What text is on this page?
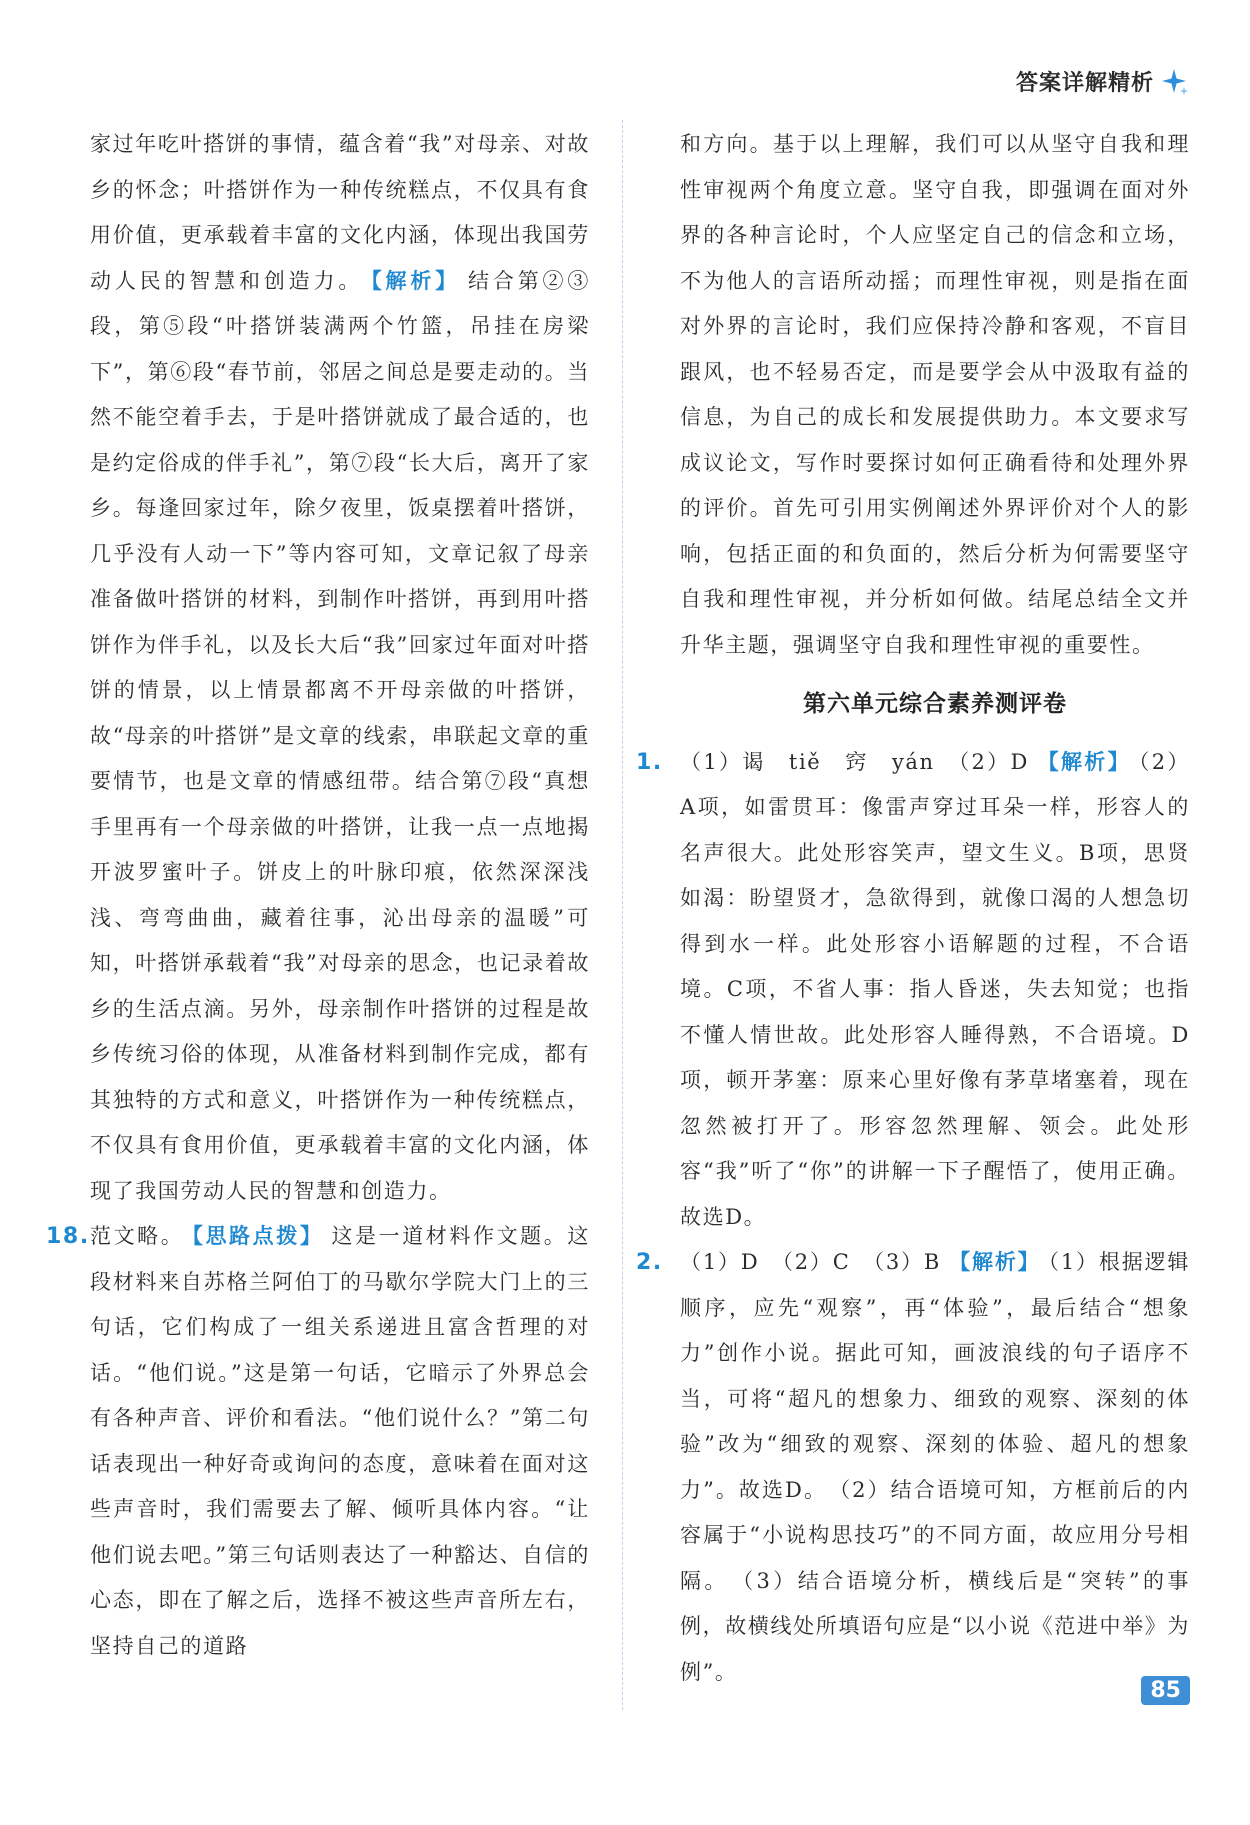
答案详解精析

家过年吃叶搭饼的事情，蕴含着“我”对母亲、对故乡的怀念；叶搭饼作为一种传统糕点，不仅具有食用价值，更承载着丰富的文化内涵，体现出我国劳动人民的智慧和创造力。 【解析】 结合第②③段，第⑤段“叶搭饼装满两个竹篮，吊挂在房梁下”，第⑥段“春节前，邻居之间总是要走动的。当然不能空着手去，于是叶搭饼就成了最合适的，也是约定俗成的伴手礼”，第⑦段“长大后，离开了家乡。每逢回家过年，除夕夜里，饭桌摆着叶搭饼，几乎没有人动一下”等内容可知，文章记叙了母亲准备做叶搭饼的材料，到制作叶搭饼，再到用叶搭饼作为伴手礼，以及长大后“我”回家过年面对叶搭饼的情景，以上情景都离不开母亲做的叶搭饼，故“母亲的叶搭饼”是文章的线索，串联起文章的重要情节，也是文章的情感纽带。结合第⑦段“真想手里再有一个母亲做的叶搭饼，让我一点一点地揭开波罗蜜叶子。饼皮上的叶脉印痕，依然深深浅浅、弯弯曲曲，藏着往事，沁出母亲的温暖”可知，叶搭饼承载着“我”对母亲的思念，也记录着故乡的生活点滴。另外，母亲制作叶搭饼的过程是故乡传统习俗的体现，从准备材料到制作完成，都有其独特的方式和意义，叶搭饼作为一种传统糕点，不仅具有食用价值，更承载着丰富的文化内涵，体现了我国劳动人民的智慧和创造力。

18. 范文略。 【思路点拨】 这是一道材料作文题。这段材料来自苏格兰阿伯丁的马歇尔学院大门上的三句话，它们构成了一组关系递进且富含哲理的对话。“他们说。”这是第一句话，它暗示了外界总会有各种声音、评价和看法。“他们说什么？”第二句话表现出一种好奇或询问的态度，意味着在面对这些声音时，我们需要去了解、倾听具体内容。“让他们说去吧。”第三句话则表达了一种豁达、自信的心态，即在了解之后，选择不被这些声音所左右，坚持自己的道路

和方向。基于以上理解，我们可以从坚守自我和理性审视两个角度立意。坚守自我，即强调在面对外界的各种言论时，个人应坚定自己的信念和立场，不为他人的言语所动摇；而理性审视，则是指在面对外界的言论时，我们应保持冷静和客观，不盲目跟风，也不轻易否定，而是要学会从中汲取有益的信息，为自己的成长和发展提供助力。本文要求写成议论文，写作时要探讨如何正确看待和处理外界的评价。首先可引用实例阐述外界评价对个人的影响，包括正面的和负面的，然后分析为何需要坚守自我和理性审视，并分析如何做。结尾总结全文并升华主题，强调坚守自我和理性审视的重要性。

第六单元综合素养测评卷
1. （1）谒　tiě　窍　yán　（2）D 【解析】 （2）A项，如雷贯耳：像雷声穿过耳朵一样，形容人的名声很大。此处形容笑声，望文生义。B项，思贤如渴：盼望贤才，急欲得到，就像口渴的人想急切得到水一样。此处形容小语解题的过程，不合语境。C项，不省人事：指人昏迷，失去知觉；也指不懂人情世故。此处形容人睡得熟，不合语境。D项，顿开茅塞：原来心里好像有茅草堵塞着，现在忽然被打开了。形容忽然理解、领会。此处形容“我”听了“你”的讲解一下子醒悟了，使用正确。故选D。

2. （1）D　（2）C　（3）B 【解析】 （1）根据逻辑顺序，应先“观察”，再“体验”，最后结合“想象力”创作小说。据此可知，画波浪线的句子语序不当，可将“超凡的想象力、细致的观察、深刻的体验”改为“细致的观察、深刻的体验、超凡的想象力”。故选D。　（2）结合语境可知，方框前后的内容属于“小说构思技巧”的不同方面，故应用分号相隔。　（3）结合语境分析，横线后是“突转”的事例，故横线处所填语句应是“以小说《范进中举》为例”。

85
